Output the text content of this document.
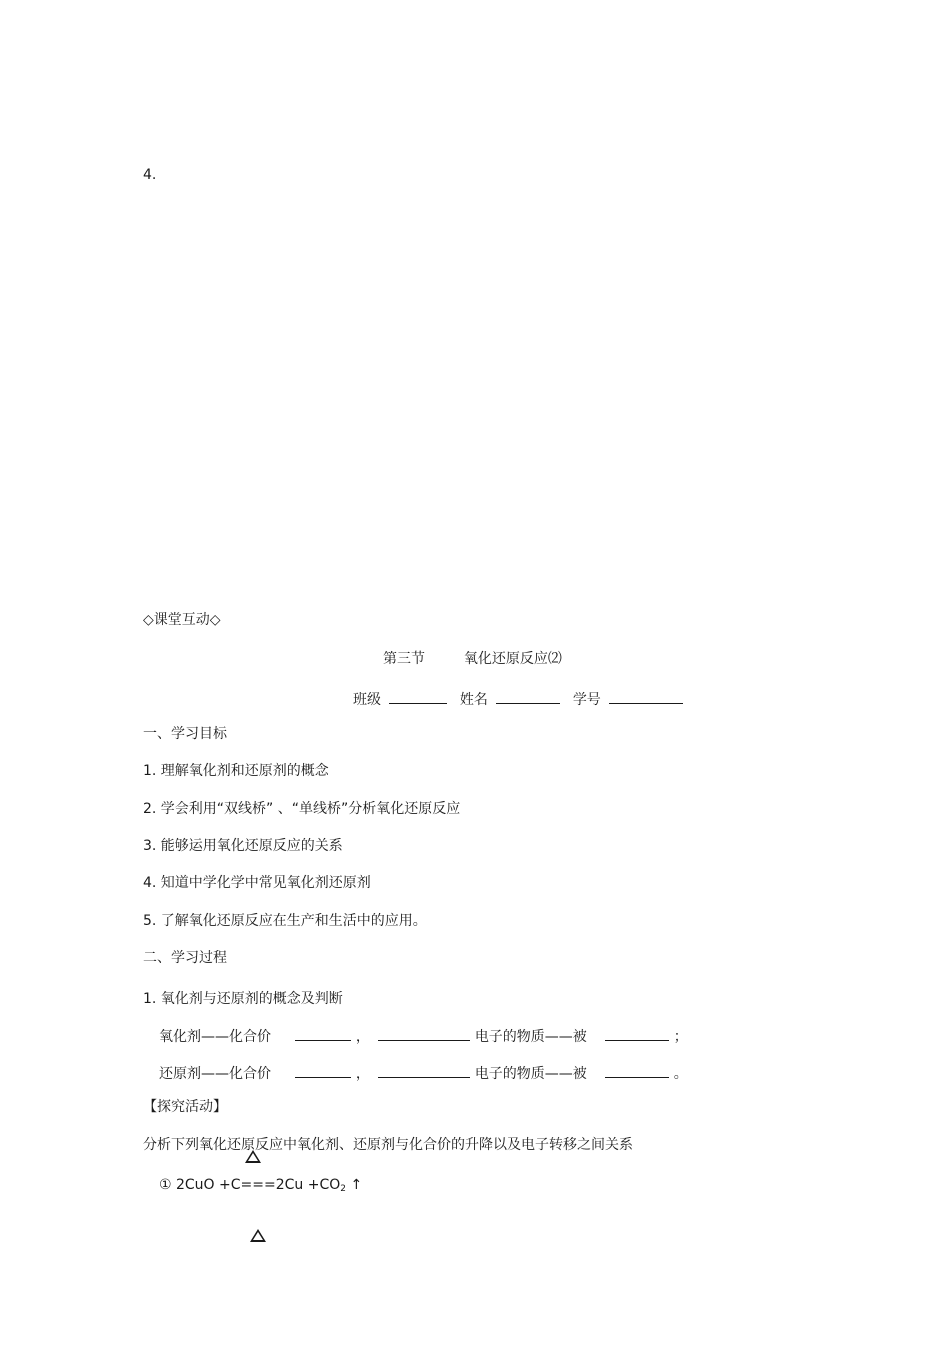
4.
◇课堂互动◇
第三节	氧化还原反应⑵
班级	姓名	学号
一、学习目标
1. 理解氧化剂和还原剂的概念
2. 学会利用“双线桥” 、“单线桥”分析氧化还原反应
3. 能够运用氧化还原反应的关系
4. 知道中学化学中常见氧化剂还原剂
5. 了解氧化还原反应在生产和生活中的应用。
二、学习过程
1. 氧化剂与还原剂的概念及判断
氧化剂——化合价	，	电子的物质——被	；
还原剂——化合价	，	电子的物质——被	。
【探究活动】
分析下列氧化还原反应中氧化剂、还原剂与化合价的升降以及电子转移之间关系
① $2CuO +C===2Cu +CO_2$ ↑
